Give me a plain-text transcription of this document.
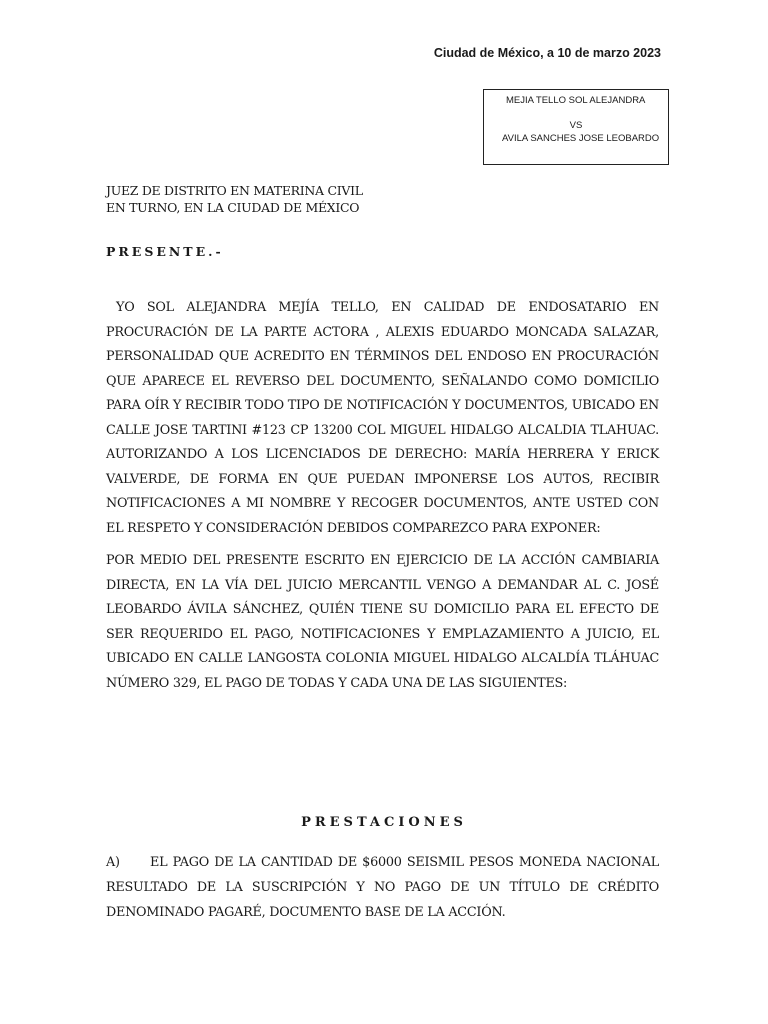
Ciudad de México, a 10 de marzo 2023
MEJIA TELLO SOL ALEJANDRA
VS
AVILA SANCHES JOSE LEOBARDO
JUEZ DE DISTRITO EN MATERINA CIVIL
EN TURNO, EN LA CIUDAD DE MÉXICO
PRESENTE.-

YO SOL ALEJANDRA MEJÍA TELLO, EN CALIDAD DE ENDOSATARIO EN PROCURACIÓN DE LA PARTE ACTORA , ALEXIS EDUARDO MONCADA SALAZAR, PERSONALIDAD QUE ACREDITO EN TÉRMINOS DEL ENDOSO EN PROCURACIÓN QUE APARECE EL REVERSO DEL DOCUMENTO, SEÑALANDO COMO DOMICILIO PARA OÍR Y RECIBIR TODO TIPO DE NOTIFICACIÓN Y DOCUMENTOS, UBICADO EN CALLE JOSE TARTINI #123 CP 13200 COL MIGUEL HIDALGO ALCALDIA TLAHUAC. AUTORIZANDO A LOS LICENCIADOS DE DERECHO: MARÍA HERRERA Y ERICK VALVERDE, DE FORMA EN QUE PUEDAN IMPONERSE LOS AUTOS, RECIBIR NOTIFICACIONES A MI NOMBRE Y RECOGER DOCUMENTOS, ANTE USTED CON EL RESPETO Y CONSIDERACIÓN DEBIDOS COMPAREZCO PARA EXPONER:

POR MEDIO DEL PRESENTE ESCRITO EN EJERCICIO DE LA ACCIÓN CAMBIARIA DIRECTA, EN LA VÍA DEL JUICIO MERCANTIL VENGO A DEMANDAR AL C. JOSÉ LEOBARDO ÁVILA SÁNCHEZ, QUIÉN TIENE SU DOMICILIO PARA EL EFECTO DE SER REQUERIDO EL PAGO, NOTIFICACIONES Y EMPLAZAMIENTO A JUICIO, EL UBICADO EN CALLE LANGOSTA COLONIA MIGUEL HIDALGO ALCALDÍA TLÁHUAC NÚMERO 329, EL PAGO DE TODAS Y CADA UNA DE LAS SIGUIENTES:

PRESTACIONES

A) EL PAGO DE LA CANTIDAD DE $6000 SEISMIL PESOS MONEDA NACIONAL RESULTADO DE LA SUSCRIPCIÓN Y NO PAGO DE UN TÍTULO DE CRÉDITO DENOMINADO PAGARÉ, DOCUMENTO BASE DE LA ACCIÓN.
